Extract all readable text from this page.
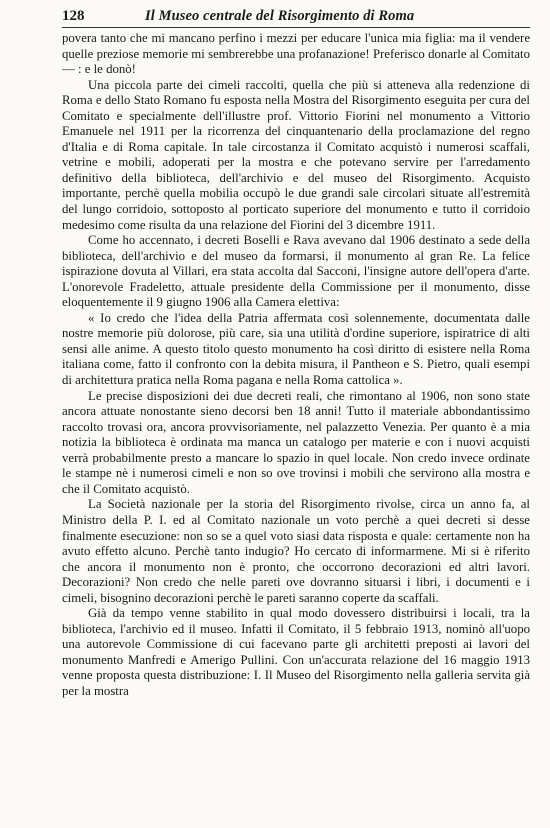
128	Il Museo centrale del Risorgimento di Roma

povera tanto che mi mancano perfino i mezzi per educare l'unica mia figlia: ma il vendere quelle preziose memorie mi sembrerebbe una profanazione! Preferisco donarle al Comitato — : e le donò!

Una piccola parte dei cimeli raccolti, quella che più si atteneva alla redenzione di Roma e dello Stato Romano fu esposta nella Mostra del Risorgimento eseguita per cura del Comitato e specialmente dell'illustre prof. Vittorio Fiorini nel monumento a Vittorio Emanuele nel 1911 per la ricorrenza del cinquantenario della proclamazione del regno d'Italia e di Roma capitale. In tale circostanza il Comitato acquistò i numerosi scaffali, vetrine e mobili, adoperati per la mostra e che potevano servire per l'arredamento definitivo della biblioteca, dell'archivio e del museo del Risorgimento. Acquisto importante, perchè quella mobilia occupò le due grandi sale circolari situate all'estremità del lungo corridoio, sottoposto al porticato superiore del monumento e tutto il corridoio medesimo come risulta da una relazione del Fiorini del 3 dicembre 1911.

Come ho accennato, i decreti Boselli e Rava avevano dal 1906 destinato a sede della biblioteca, dell'archivio e del museo da formarsi, il monumento al gran Re. La felice ispirazione dovuta al Villari, era stata accolta dal Sacconi, l'insigne autore dell'opera d'arte. L'onorevole Fradeletto, attuale presidente della Commissione per il monumento, disse eloquentemente il 9 giugno 1906 alla Camera elettiva:

« Io credo che l'idea della Patria affermata così solennemente, documentata dalle nostre memorie più dolorose, più care, sia una utilità d'ordine superiore, ispiratrice di alti sensi alle anime. A questo titolo questo monumento ha così diritto di esistere nella Roma italiana come, fatto il confronto con la debita misura, il Pantheon e S. Pietro, quali esempi di architettura pratica nella Roma pagana e nella Roma cattolica ».

Le precise disposizioni dei due decreti reali, che rimontano al 1906, non sono state ancora attuate nonostante sieno decorsi ben 18 anni! Tutto il materiale abbondantissimo raccolto trovasi ora, ancora provvisoriamente, nel palazzetto Venezia. Per quanto è a mia notizia la biblioteca è ordinata ma manca un catalogo per materie e con i nuovi acquisti verrà probabilmente presto a mancare lo spazio in quel locale. Non credo invece ordinate le stampe nè i numerosi cimeli e non so ove trovinsi i mobili che servirono alla mostra e che il Comitato acquistò.

La Società nazionale per la storia del Risorgimento rivolse, circa un anno fa, al Ministro della P. I. ed al Comitato nazionale un voto perchè a quei decreti si desse finalmente esecuzione: non so se a quel voto siasi data risposta e quale: certamente non ha avuto effetto alcuno. Perchè tanto indugio? Ho cercato di informarmene. Mi si è riferito che ancora il monumento non è pronto, che occorrono decorazioni ed altri lavori. Decorazioni? Non credo che nelle pareti ove dovranno situarsi i libri, i documenti e i cimeli, bisognino decorazioni perchè le pareti saranno coperte da scaffali.

Già da tempo venne stabilito in qual modo dovessero distribuirsi i locali, tra la biblioteca, l'archivio ed il museo. Infatti il Comitato, il 5 febbraio 1913, nominò all'uopo una autorevole Commissione di cui facevano parte gli architetti preposti ai lavori del monumento Manfredi e Amerigo Pullini. Con un'accurata relazione del 16 maggio 1913 venne proposta questa distribuzione: I. Il Museo del Risorgimento nella galleria servita già per la mostra
